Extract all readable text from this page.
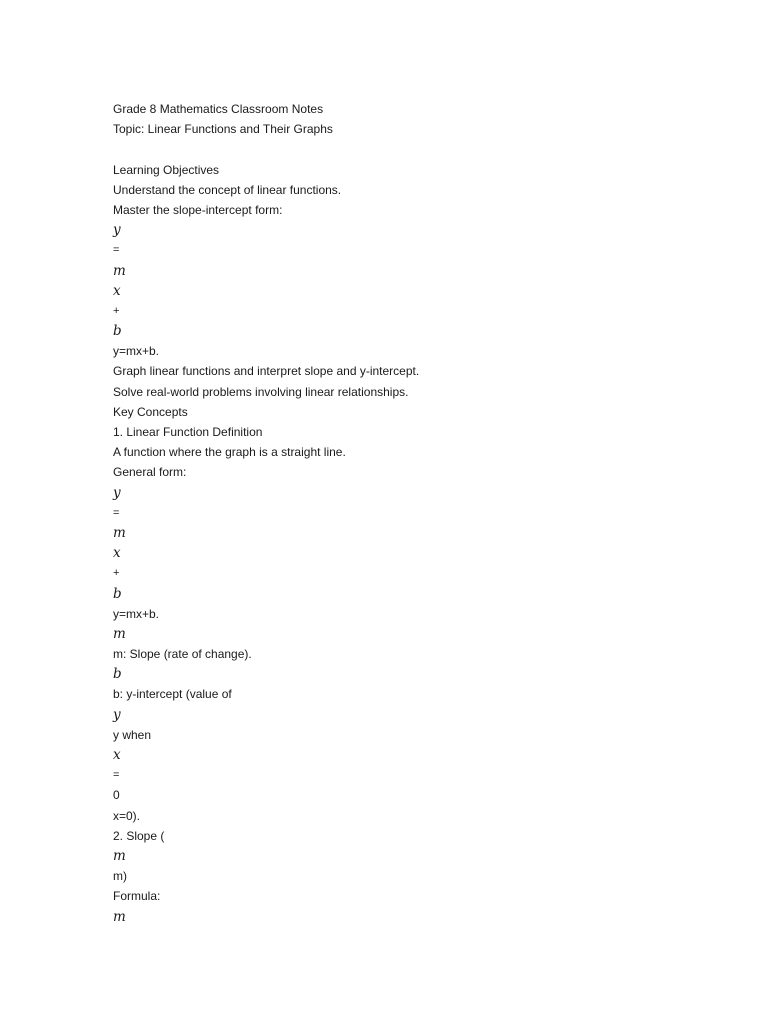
Grade 8 Mathematics Classroom Notes
Topic: Linear Functions and Their Graphs
Learning Objectives
Understand the concept of linear functions.
Master the slope-intercept form:
y
=
m
x
+
b
y=mx+b.
Graph linear functions and interpret slope and y-intercept.
Solve real-world problems involving linear relationships.
Key Concepts
1. Linear Function Definition
A function where the graph is a straight line.
General form:
y
=
m
x
+
b
y=mx+b.
m
m: Slope (rate of change).
b
b: y-intercept (value of
y
y when
x
=
0
x=0).
2. Slope (
m
m)
Formula:
m
